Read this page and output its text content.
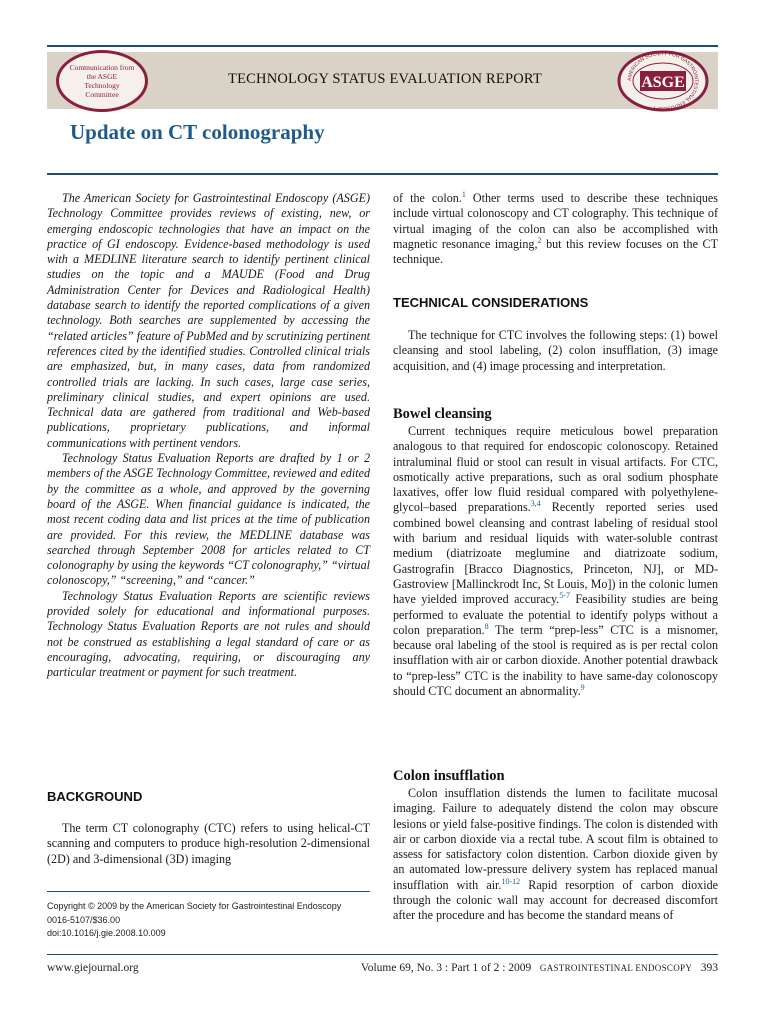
Communication from the ASGE Technology Committee
TECHNOLOGY STATUS EVALUATION REPORT	ASGE
AMERICAN SOCIETY FOR GASTROINTESTINAL ENDOSCOPY
Update on CT colonography

The American Society for Gastrointestinal Endoscopy (ASGE) Technology Committee provides reviews of existing, new, or emerging endoscopic technologies that have an impact on the practice of GI endoscopy. Evidence-based methodology is used with a MEDLINE literature search to identify pertinent clinical studies on the topic and a MAUDE (Food and Drug Administration Center for Devices and Radiological Health) database search to identify the reported complications of a given technology. Both searches are supplemented by accessing the “related articles” feature of PubMed and by scrutinizing pertinent references cited by the identified studies. Controlled clinical trials are emphasized, but, in many cases, data from randomized controlled trials are lacking. In such cases, large case series, preliminary clinical studies, and expert opinions are used. Technical data are gathered from traditional and Web-based publications, proprietary publications, and informal communications with pertinent vendors.

Technology Status Evaluation Reports are drafted by 1 or 2 members of the ASGE Technology Committee, reviewed and edited by the committee as a whole, and approved by the governing board of the ASGE. When financial guidance is indicated, the most recent coding data and list prices at the time of publication are provided. For this review, the MEDLINE database was searched through September 2008 for articles related to CT colonography by using the keywords “CT colonography,” “virtual colonoscopy,” “screening,” and “cancer.”

Technology Status Evaluation Reports are scientific reviews provided solely for educational and informational purposes. Technology Status Evaluation Reports are not rules and should not be construed as establishing a legal standard of care or as encouraging, advocating, requiring, or discouraging any particular treatment or payment for such treatment.

BACKGROUND

The term CT colonography (CTC) refers to using helical-CT scanning and computers to produce high-resolution 2-dimensional (2D) and 3-dimensional (3D) imaging

Copyright © 2009 by the American Society for Gastrointestinal Endoscopy
0016-5107/$36.00
doi:10.1016/j.gie.2008.10.009

of the colon.$^1$ Other terms used to describe these techniques include virtual colonoscopy and CT colography. This technique of virtual imaging of the colon can also be accomplished with magnetic resonance imaging,$^2$ but this review focuses on the CT technique.

TECHNICAL CONSIDERATIONS

The technique for CTC involves the following steps: (1) bowel cleansing and stool labeling, (2) colon insufflation, (3) image acquisition, and (4) image processing and interpretation.

Bowel cleansing

Current techniques require meticulous bowel preparation analogous to that required for endoscopic colonoscopy. Retained intraluminal fluid or stool can result in visual artifacts. For CTC, osmotically active preparations, such as oral sodium phosphate laxatives, offer low fluid residual compared with polyethylene-glycol–based preparations.$^{3,4}$ Recently reported series used combined bowel cleansing and contrast labeling of residual stool with barium and residual liquids with water-soluble contrast medium (diatrizoate meglumine and diatrizoate sodium, Gastrografin [Bracco Diagnostics, Princeton, NJ], or MD-Gastroview [Mallinckrodt Inc, St Louis, Mo]) in the colonic lumen have yielded improved accuracy.$^{5-7}$ Feasibility studies are being performed to evaluate the potential to identify polyps without a colon preparation.$^8$ The term “prep-less” CTC is a misnomer, because oral labeling of the stool is required as is per rectal colon insufflation with air or carbon dioxide. Another potential drawback to “prep-less” CTC is the inability to have same-day colonoscopy should CTC document an abnormality.$^9$

Colon insufflation

Colon insufflation distends the lumen to facilitate mucosal imaging. Failure to adequately distend the colon may obscure lesions or yield false-positive findings. The colon is distended with air or carbon dioxide via a rectal tube. A scout film is obtained to assess for satisfactory colon distention. Carbon dioxide given by an automated low-pressure delivery system has replaced manual insufflation with air.$^{10-12}$ Rapid resorption of carbon dioxide through the colonic wall may account for decreased discomfort after the procedure and has become the standard means of

www.giejournal.org	Volume 69, No. 3 : Part 1 of 2 : 2009 GASTROINTESTINAL ENDOSCOPY 393
